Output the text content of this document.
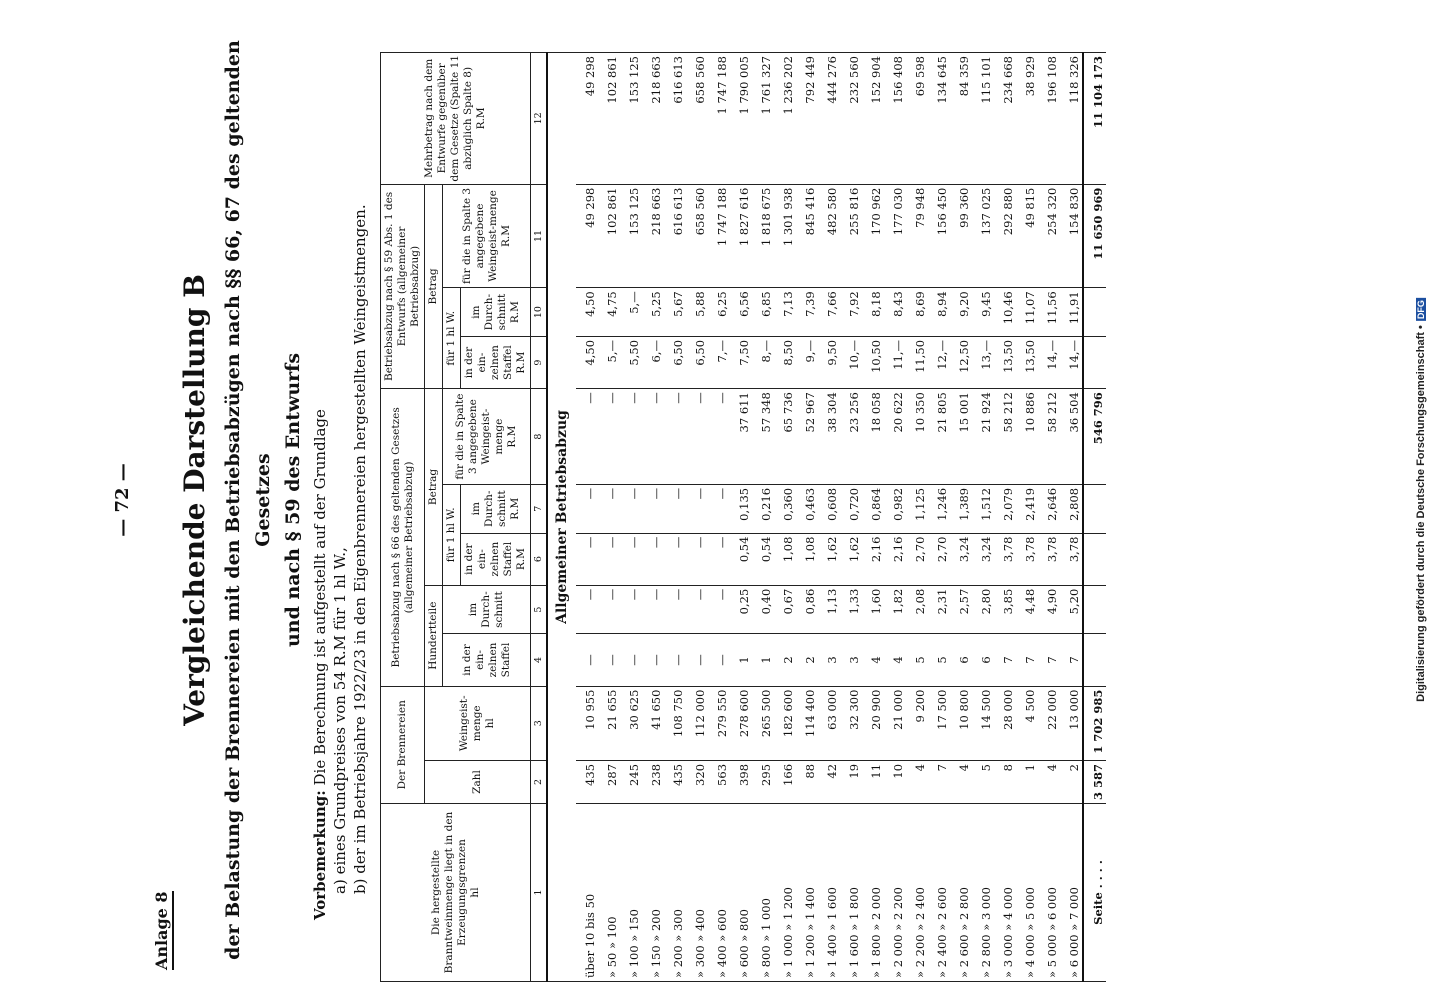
— 72 —
Anlage 8
Vergleichende Darstellung B der Belastung der Brennereien mit den Betriebsabzügen nach §§ 66, 67 des geltenden Gesetzes und nach § 59 des Entwurfs
Vorbemerkung: Die Berechnung ist aufgestellt auf der Grundlage a) eines Grundpreises von 54 R.M für 1 hl W., b) der im Betriebsjahre 1922/23 in den Eigenbrennereien hergestellten Weingeistmengen.	Die hergestellte Branntweinmenge liegt in den Erzeugungsgrenzen hl	Der Brennereien		Betriebsabzug nach § 66 des geltenden Gesetzes (allgemeiner Betriebsabzug)					Betriebsabzug nach § 59 Abs. 1 des Entwurfs (allgemeiner Betriebsabzug)			Mehrbetrag nach dem Entwurfe gegenüber dem Gesetze (Spalte 11 abzüglich Spalte 8) R.M

	Zahl	Weingeist-menge hl	Hundertteile		Betrag			Betrag			
			in der ein-zelnen Staffel	im Durch-schnitt	für 1 hl W.		für die in Spalte 3 angegebene Weingeist-menge R.M	für 1 hl W.		für die in Spalte 3 angegebene Weingeist-menge R.M	

					in der ein-zelnen Staffel R.M	im Durch-schnitt R.M		in der ein-zelnen Staffel R.M	im Durch-schnitt R.M		

1	2	3	4	5	6	7	8	9	10	11	12
Allgemeiner Betriebsabzug											
über 10 bis 50	435	10 955	—	—	—	—	—	4,50	4,50	49 298	49 298
» 50 » 100	287	21 655	—	—	—	—	—	5,—	4,75	102 861	102 861
» 100 » 150	245	30 625	—	—	—	—	—	5,50	5,—	153 125	153 125
» 150 » 200	238	41 650	—	—	—	—	—	6,—	5,25	218 663	218 663
» 200 » 300	435	108 750	—	—	—	—	—	6,50	5,67	616 613	616 613
» 300 » 400	320	112 000	—	—	—	—	—	6,50	5,88	658 560	658 560
» 400 » 600	563	279 550	—	—	—	—	—	7,—	6,25	1 747 188	1 747 188
» 600 » 800	398	278 600	1	0,25	0,54	0,135	37 611	7,50	6,56	1 827 616	1 790 005
» 800 » 1 000	295	265 500	1	0,40	0,54	0,216	57 348	8,—	6,85	1 818 675	1 761 327
» 1 000 » 1 200	166	182 600	2	0,67	1,08	0,360	65 736	8,50	7,13	1 301 938	1 236 202
» 1 200 » 1 400	88	114 400	2	0,86	1,08	0,463	52 967	9,—	7,39	845 416	792 449
» 1 400 » 1 600	42	63 000	3	1,13	1,62	0,608	38 304	9,50	7,66	482 580	444 276
» 1 600 » 1 800	19	32 300	3	1,33	1,62	0,720	23 256	10,—	7,92	255 816	232 560
» 1 800 » 2 000	11	20 900	4	1,60	2,16	0,864	18 058	10,50	8,18	170 962	152 904
» 2 000 » 2 200	10	21 000	4	1,82	2,16	0,982	20 622	11,—	8,43	177 030	156 408
» 2 200 » 2 400	4	9 200	5	2,08	2,70	1,125	10 350	11,50	8,69	79 948	69 598
» 2 400 » 2 600	7	17 500	5	2,31	2,70	1,246	21 805	12,—	8,94	156 450	134 645
» 2 600 » 2 800	4	10 800	6	2,57	3,24	1,389	15 001	12,50	9,20	99 360	84 359
» 2 800 » 3 000	5	14 500	6	2,80	3,24	1,512	21 924	13,—	9,45	137 025	115 101
» 3 000 » 4 000	8	28 000	7	3,85	3,78	2,079	58 212	13,50	10,46	292 880	234 668
» 4 000 » 5 000	1	4 500	7	4,48	3,78	2,419	10 886	13,50	11,07	49 815	38 929
» 5 000 » 6 000	4	22 000	7	4,90	3,78	2,646	58 212	14,—	11,56	254 320	196 108
» 6 000 » 7 000	2	13 000	7	5,20	3,78	2,808	36 504	14,—	11,91	154 830	118 326
Seite . . . .	3 587	1 702 985					546 796			11 650 969	11 104 173
Digitalisierung gefördert durch die Deutsche Forschungsgemeinschaft •DFG
